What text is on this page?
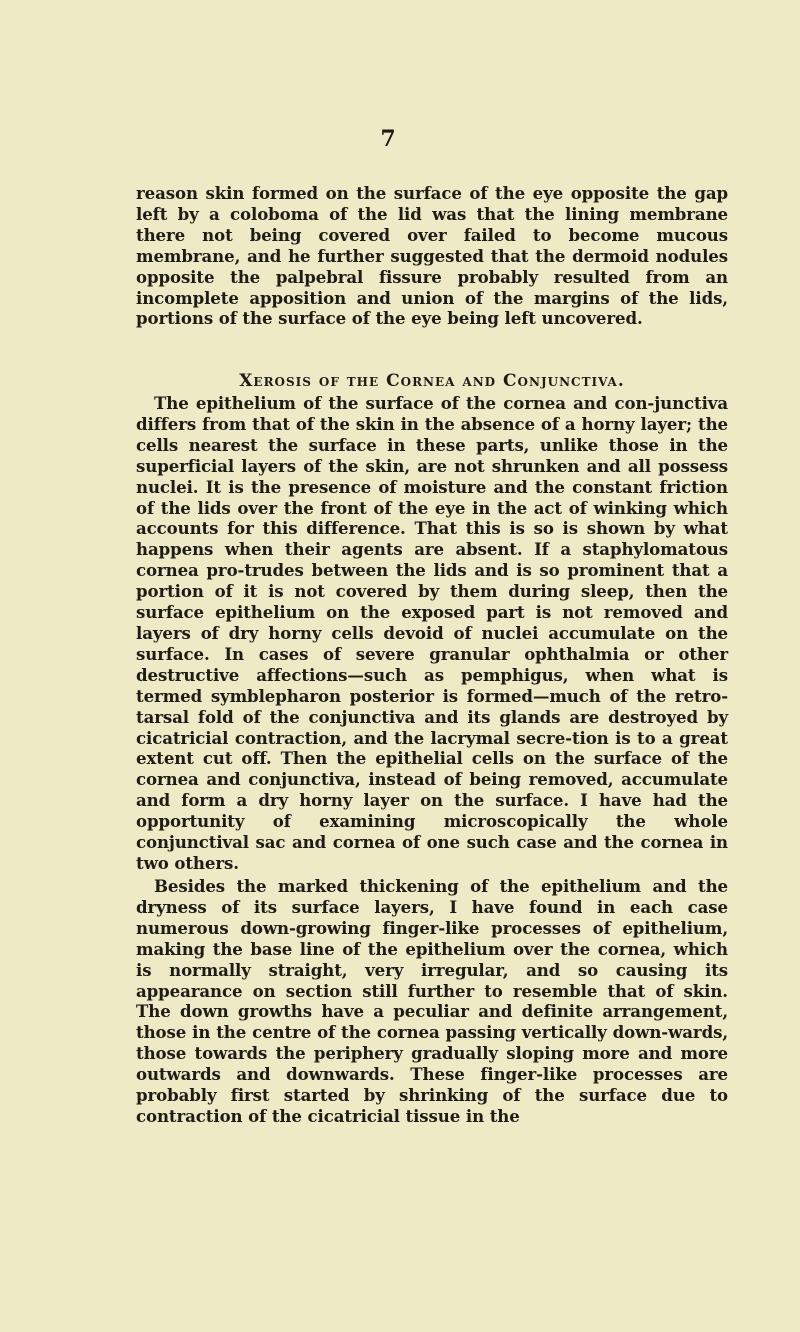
7

reason skin formed on the surface of the eye opposite the gap left by a coloboma of the lid was that the lining membrane there not being covered over failed to become mucous membrane, and he further suggested that the dermoid nodules opposite the palpebral fissure probably resulted from an incomplete apposition and union of the margins of the lids, portions of the surface of the eye being left uncovered.

Xerosis of the Cornea and Conjunctiva.

The epithelium of the surface of the cornea and con-junctiva differs from that of the skin in the absence of a horny layer; the cells nearest the surface in these parts, unlike those in the superficial layers of the skin, are not shrunken and all possess nuclei. It is the presence of moisture and the constant friction of the lids over the front of the eye in the act of winking which accounts for this difference. That this is so is shown by what happens when their agents are absent. If a staphylomatous cornea pro-trudes between the lids and is so prominent that a portion of it is not covered by them during sleep, then the surface epithelium on the exposed part is not removed and layers of dry horny cells devoid of nuclei accumulate on the surface. In cases of severe granular ophthalmia or other destructive affections—such as pemphigus, when what is termed symblepharon posterior is formed—much of the retro-tarsal fold of the conjunctiva and its glands are destroyed by cicatricial contraction, and the lacrymal secre-tion is to a great extent cut off. Then the epithelial cells on the surface of the cornea and conjunctiva, instead of being removed, accumulate and form a dry horny layer on the surface. I have had the opportunity of examining microscopically the whole conjunctival sac and cornea of one such case and the cornea in two others.

Besides the marked thickening of the epithelium and the dryness of its surface layers, I have found in each case numerous down-growing finger-like processes of epithelium, making the base line of the epithelium over the cornea, which is normally straight, very irregular, and so causing its appearance on section still further to resemble that of skin. The down growths have a peculiar and definite arrangement, those in the centre of the cornea passing vertically down-wards, those towards the periphery gradually sloping more and more outwards and downwards. These finger-like processes are probably first started by shrinking of the surface due to contraction of the cicatricial tissue in the
